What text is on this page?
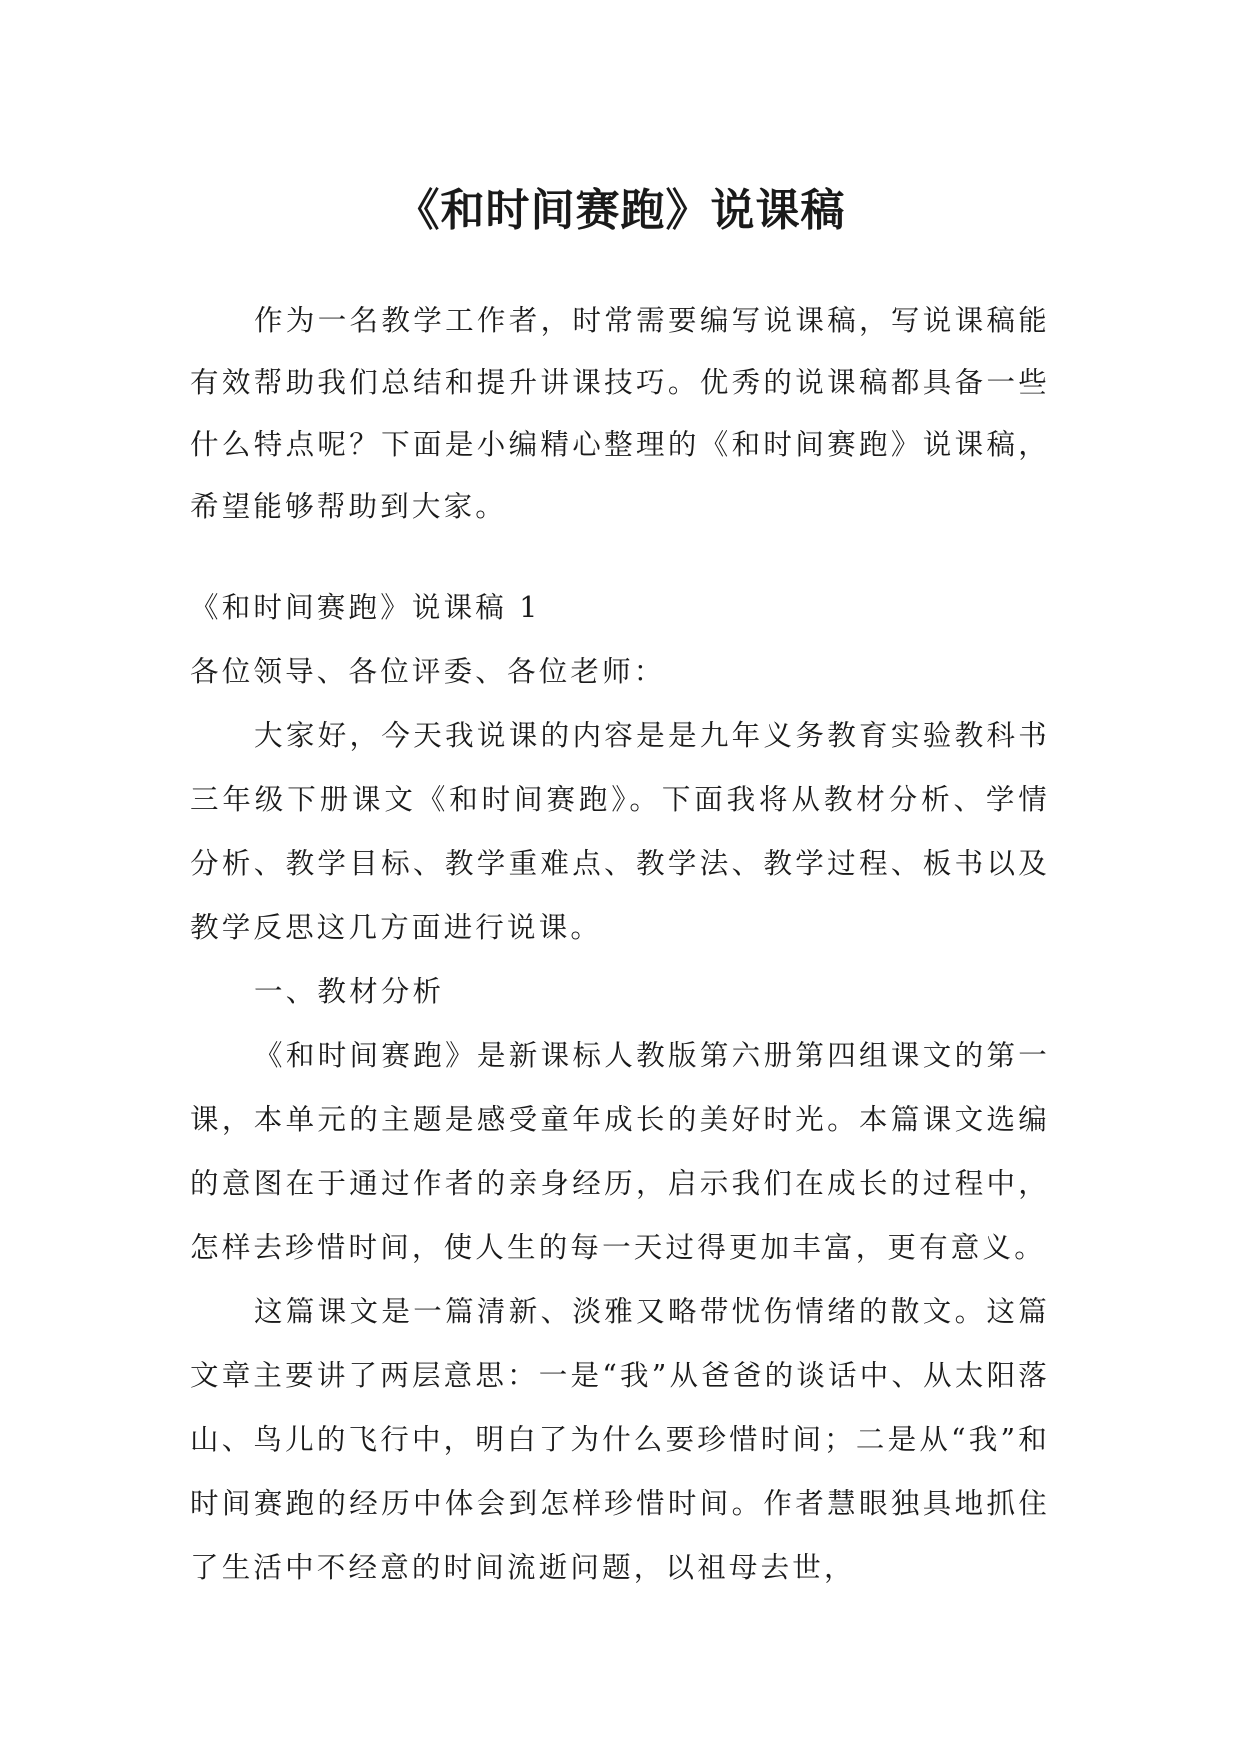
《和时间赛跑》说课稿

作为一名教学工作者，时常需要编写说课稿，写说课稿能有效帮助我们总结和提升讲课技巧。优秀的说课稿都具备一些什么特点呢？下面是小编精心整理的《和时间赛跑》说课稿，希望能够帮助到大家。

《和时间赛跑》说课稿 1

各位领导、各位评委、各位老师：

大家好，今天我说课的内容是是九年义务教育实验教科书三年级下册课文《和时间赛跑》。下面我将从教材分析、学情分析、教学目标、教学重难点、教学法、教学过程、板书以及教学反思这几方面进行说课。

一、教材分析

《和时间赛跑》是新课标人教版第六册第四组课文的第一课，本单元的主题是感受童年成长的美好时光。本篇课文选编的意图在于通过作者的亲身经历，启示我们在成长的过程中，怎样去珍惜时间，使人生的每一天过得更加丰富，更有意义。

这篇课文是一篇清新、淡雅又略带忧伤情绪的散文。这篇文章主要讲了两层意思：一是“我”从爸爸的谈话中、从太阳落山、鸟儿的飞行中，明白了为什么要珍惜时间；二是从“我”和时间赛跑的经历中体会到怎样珍惜时间。作者慧眼独具地抓住了生活中不经意的时间流逝问题，以祖母去世，
